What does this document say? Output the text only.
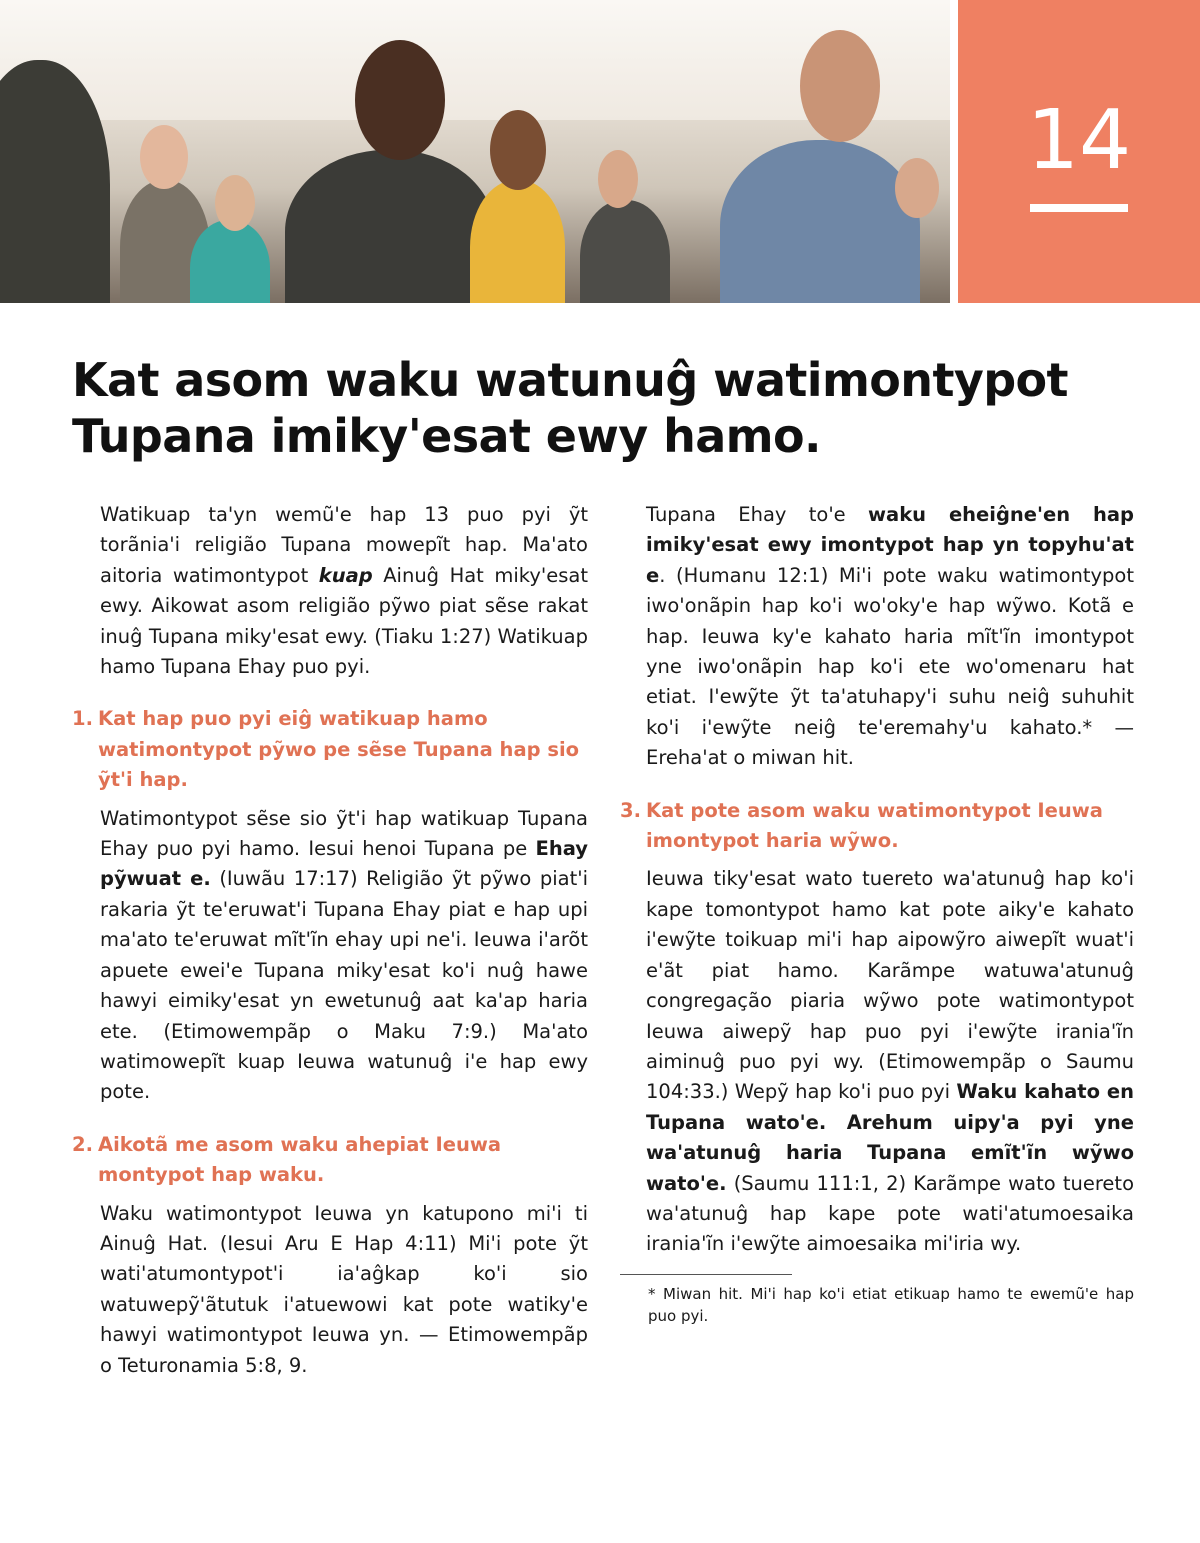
14
Kat asom waku watunuĝ watimontypot
Tupana imiky'esat ewy hamo.

Watikuap ta'yn wemũ'e hap 13 puo pyi ỹt torãnia'i religião Tupana mowepĩt hap. Ma'ato aitoria watimontypot kuap Ainuĝ Hat miky'esat ewy. Aikowat asom religião pỹwo piat sẽse rakat inuĝ Tupana miky'esat ewy. (Tiaku 1:27) Watikuap hamo Tupana Ehay puo pyi.

1. Kat hap puo pyi eiĝ watikuap hamo watimontypot pỹwo pe sẽse Tupana hap sio ỹt'i hap.

Watimontypot sẽse sio ỹt'i hap watikuap Tupana Ehay puo pyi hamo. Iesui henoi Tupana pe Ehay pỹwuat e. (Iuwãu 17:17) Religião ỹt pỹwo piat'i rakaria ỹt te'eruwat'i Tupana Ehay piat e hap upi ma'ato te'eruwat mĩt'ĩn ehay upi ne'i. Ieuwa i'arõt apuete ewei'e Tupana miky'esat ko'i nuĝ hawe hawyi eimiky'esat yn ewetunuĝ aat ka'ap haria ete. (Etimowempãp o Maku 7:9.) Ma'ato watimowepĩt kuap Ieuwa watunuĝ i'e hap ewy pote.

2. Aikotã me asom waku ahepiat Ieuwa montypot hap waku.

Waku watimontypot Ieuwa yn katupono mi'i ti Ainuĝ Hat. (Iesui Aru E Hap 4:11) Mi'i pote ỹt wati'atumontypot'i ia'aĝkap ko'i sio watuwepỹ'ãtutuk i'atuewowi kat pote watiky'e hawyi watimontypot Ieuwa yn. — Etimowempãp o Teturonamia 5:8, 9.

Tupana Ehay to'e waku eheiĝne'en hap imiky'esat ewy imontypot hap yn topyhu'at e. (Humanu 12:1) Mi'i pote waku watimontypot iwo'onãpin hap ko'i wo'oky'e hap wỹwo. Kotã e hap. Ieuwa ky'e kahato haria mĩt'ĩn imontypot yne iwo'onãpin hap ko'i ete wo'omenaru hat etiat. I'ewỹte ỹt ta'atuhapy'i suhu neiĝ suhuhit ko'i i'ewỹte neiĝ te'eremahy'u kahato.* — Ereha'at o miwan hit.

3. Kat pote asom waku watimontypot Ieuwa imontypot haria wỹwo.

Ieuwa tiky'esat wato tuereto wa'atunuĝ hap ko'i kape tomontypot hamo kat pote aiky'e kahato i'ewỹte toikuap mi'i hap aipowỹro aiwepĩt wuat'i e'ãt piat hamo. Karãmpe watuwa'atunuĝ congregação piaria wỹwo pote watimontypot Ieuwa aiwepỹ hap puo pyi i'ewỹte irania'ĩn aiminuĝ puo pyi wy. (Etimowempãp o Saumu 104:33.) Wepỹ hap ko'i puo pyi Waku kahato en Tupana wato'e. Arehum uipy'a pyi yne wa'atunuĝ haria Tupana emĩt'ĩn wỹwo wato'e. (Saumu 111:1, 2) Karãmpe wato tuereto wa'atunuĝ hap kape pote wati'atumoesaika irania'ĩn i'ewỹte aimoesaika mi'iria wy.

* Miwan hit. Mi'i hap ko'i etiat etikuap hamo te ewemũ'e hap puo pyi.
